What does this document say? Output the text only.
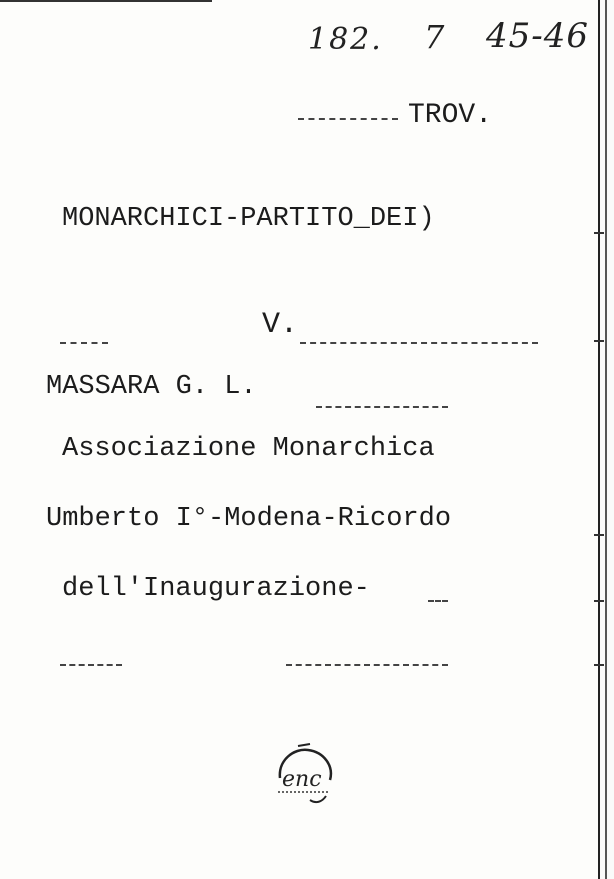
182. 7 45-46
TROV.
MONARCHICI-PARTITO_DEI)
V.
MASSARA G. L.
Associazione Monarchica
Umberto I°-Modena-Ricordo
dell'Inaugurazione-
enc
